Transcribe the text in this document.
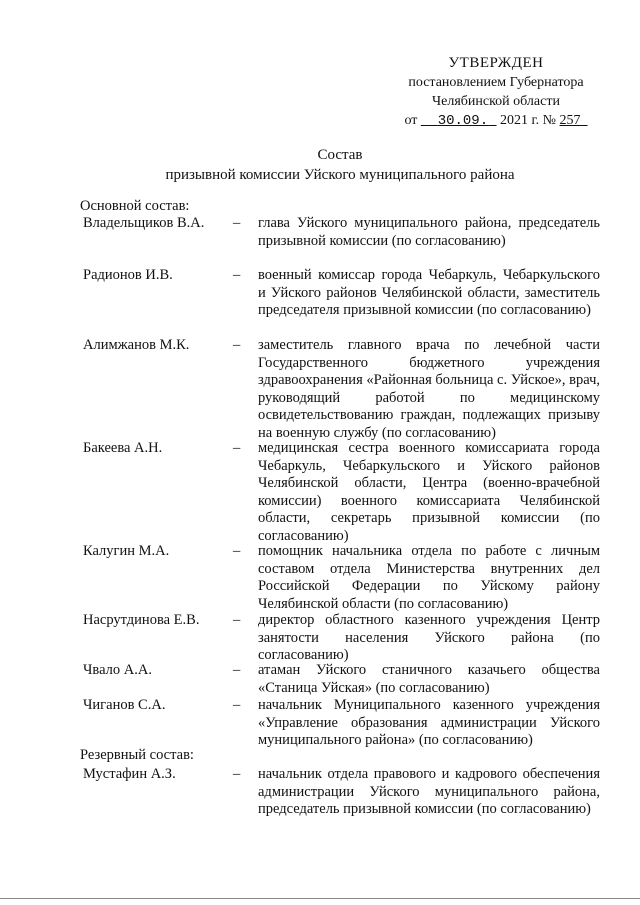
УТВЕРЖДЕН
постановлением Губернатора
Челябинской области
от 30.09. 2021 г. № 257
Состав
призывной комиссии Уйского муниципального района
Основной состав:
Владельщиков В.А. – глава Уйского муниципального района, председатель призывной комиссии (по согласованию)
Радионов И.В.	– военный комиссар города Чебаркуль, Чебаркульского и Уйского районов Челябинской области, заместитель председателя призывной комиссии (по согласованию)
Алимжанов М.К.	– заместитель главного врача по лечебной части Государственного бюджетного учреждения здравоохранения «Районная больница с. Уйское», врач, руководящий работой по медицинскому освидетельствованию граждан, подлежащих призыву на военную службу (по согласованию)
Бакеева А.Н.	– медицинская сестра военного комиссариата города Чебаркуль, Чебаркульского и Уйского районов Челябинской области, Центра (военно-врачебной комиссии) военного комиссариата Челябинской области, секретарь призывной комиссии (по согласованию)
Калугин М.А.	– помощник начальника отдела по работе с личным составом отдела Министерства внутренних дел Российской Федерации по Уйскому району Челябинской области (по согласованию)
Насрутдинова Е.В. – директор областного казенного учреждения Центр занятости населения Уйского района (по согласованию)
Чвало А.А.	– атаман Уйского станичного казачьего общества «Станица Уйская» (по согласованию)
Чиганов С.А.	– начальник Муниципального казенного учреждения «Управление образования администрации Уйского муниципального района» (по согласованию)
Резервный состав:
Мустафин А.З.	– начальник отдела правового и кадрового обеспечения администрации Уйского муниципального района, председатель призывной комиссии (по согласованию)
